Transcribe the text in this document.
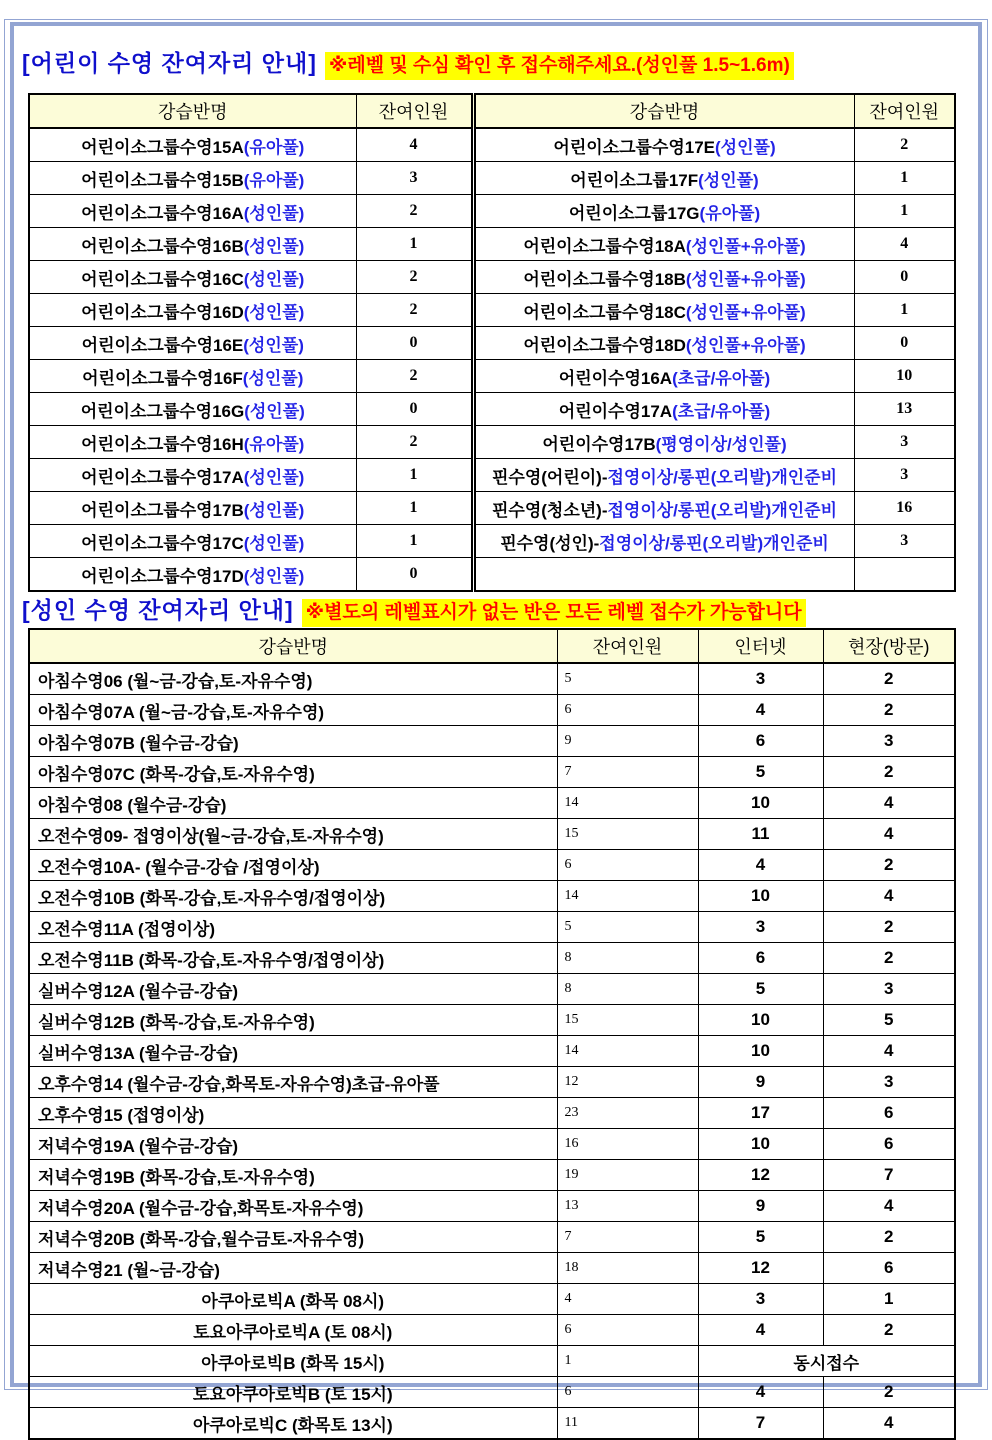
[어린이 수영 잔여자리 안내] ※레벨 및 수심 확인 후 접수해주세요.(성인풀 1.5~1.6m)
강습반명	잔여인원	강습반명	잔여인원
어린이소그룹수영15A(유아풀)	4	어린이소그룹수영17E(성인풀)	2
어린이소그룹수영15B(유아풀)	3	어린이소그룹17F(성인풀)	1
어린이소그룹수영16A(성인풀)	2	어린이소그룹17G(유아풀)	1
어린이소그룹수영16B(성인풀)	1	어린이소그룹수영18A(성인풀+유아풀)	4
어린이소그룹수영16C(성인풀)	2	어린이소그룹수영18B(성인풀+유아풀)	0
어린이소그룹수영16D(성인풀)	2	어린이소그룹수영18C(성인풀+유아풀)	1
어린이소그룹수영16E(성인풀)	0	어린이소그룹수영18D(성인풀+유아풀)	0
어린이소그룹수영16F(성인풀)	2	어린이수영16A(초급/유아풀)	10
어린이소그룹수영16G(성인풀)	0	어린이수영17A(초급/유아풀)	13
어린이소그룹수영16H(유아풀)	2	어린이수영17B(평영이상/성인풀)	3
어린이소그룹수영17A(성인풀)	1	핀수영(어린이)-접영이상/롱핀(오리발)개인준비	3
어린이소그룹수영17B(성인풀)	1	핀수영(청소년)-접영이상/롱핀(오리발)개인준비	16
어린이소그룹수영17C(성인풀)	1	핀수영(성인)-접영이상/롱핀(오리발)개인준비	3
어린이소그룹수영17D(성인풀)	0		
[성인 수영 잔여자리 안내] ※별도의 레벨표시가 없는 반은 모든 레벨 접수가 가능합니다
강습반명	잔여인원	인터넷	현장(방문)
아침수영06 (월~금-강습,토-자유수영)	5	3	2
아침수영07A (월~금-강습,토-자유수영)	6	4	2
아침수영07B (월수금-강습)	9	6	3
아침수영07C (화목-강습,토-자유수영)	7	5	2
아침수영08 (월수금-강습)	14	10	4
오전수영09- 접영이상(월~금-강습,토-자유수영)	15	11	4
오전수영10A- (월수금-강습 /접영이상)	6	4	2
오전수영10B (화목-강습,토-자유수영/접영이상)	14	10	4
오전수영11A (접영이상)	5	3	2
오전수영11B (화목-강습,토-자유수영/접영이상)	8	6	2
실버수영12A (월수금-강습)	8	5	3
실버수영12B (화목-강습,토-자유수영)	15	10	5
실버수영13A (월수금-강습)	14	10	4
오후수영14 (월수금-강습,화목토-자유수영)초급-유아풀	12	9	3
오후수영15 (접영이상)	23	17	6
저녁수영19A (월수금-강습)	16	10	6
저녁수영19B (화목-강습,토-자유수영)	19	12	7
저녁수영20A (월수금-강습,화목토-자유수영)	13	9	4
저녁수영20B (화목-강습,월수금토-자유수영)	7	5	2
저녁수영21 (월~금-강습)	18	12	6
아쿠아로빅A (화목 08시)	4	3	1
토요아쿠아로빅A (토 08시)	6	4	2
아쿠아로빅B (화목 15시)	1	동시접수	
토요아쿠아로빅B (토 15시)	6	4	2
아쿠아로빅C (화목토 13시)	11	7	4
